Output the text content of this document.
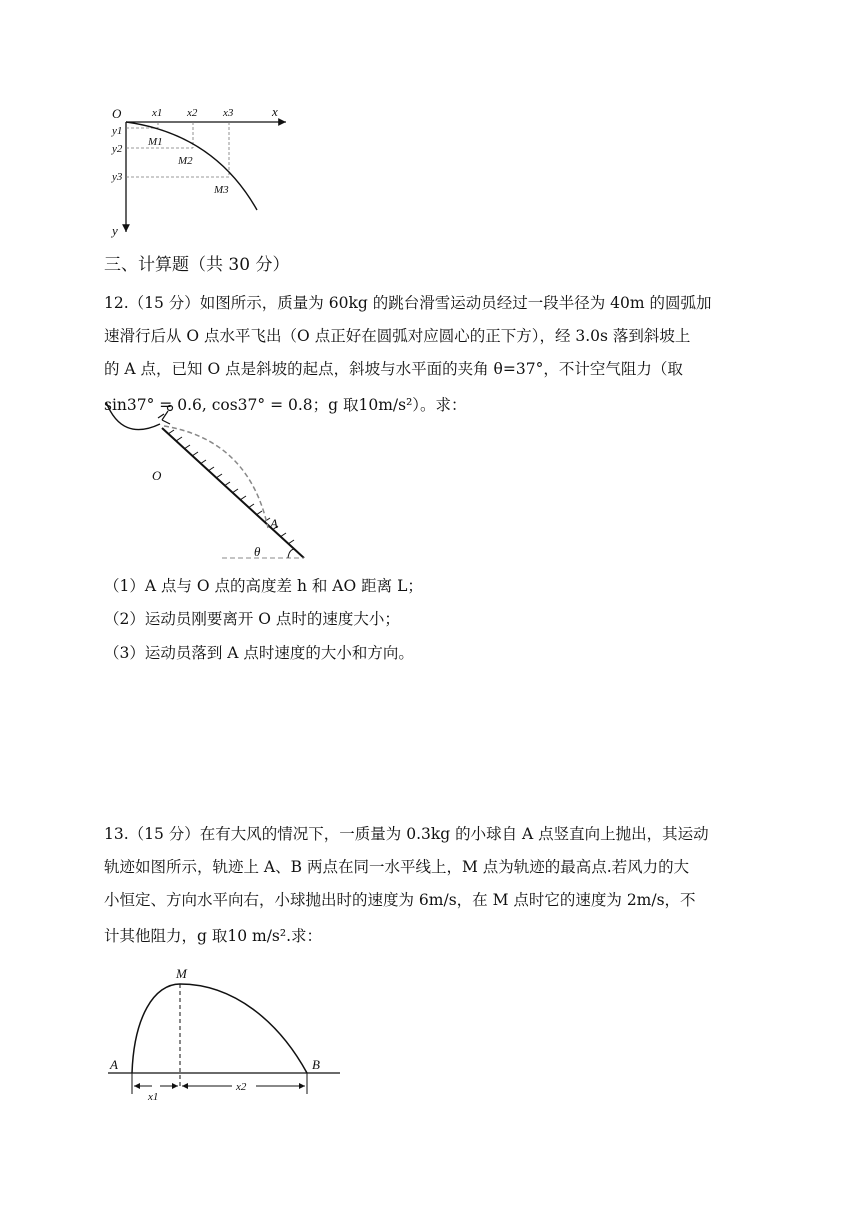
O	x
y
x1 x2 x3
y1
y2
y3
M1
M2
M3
三、计算题（共 30 分）
12.（15 分）如图所示，质量为 60kg 的跳台滑雪运动员经过一段半径为 40m 的圆弧加
速滑行后从 O 点水平飞出（O 点正好在圆弧对应圆心的正下方），经 3.0s 落到斜坡上
的 A 点，已知 O 点是斜坡的起点，斜坡与水平面的夹角 θ=37°，不计空气阻力（取
sin37° = 0.6, cos37° = 0.8；g 取10m/s²）。求：
O
A
θ
（1）A 点与 O 点的高度差 h 和 AO 距离 L；
（2）运动员刚要离开 O 点时的速度大小；
（3）运动员落到 A 点时速度的大小和方向。
13.（15 分）在有大风的情况下，一质量为 0.3kg 的小球自 A 点竖直向上抛出，其运动
轨迹如图所示，轨迹上 A、B 两点在同一水平线上，M 点为轨迹的最高点.若风力的大
小恒定、方向水平向右，小球抛出时的速度为 6m/s，在 M 点时它的速度为 2m/s，不
计其他阻力，g 取10 m/s².求：
M
A	B
x1
x2
